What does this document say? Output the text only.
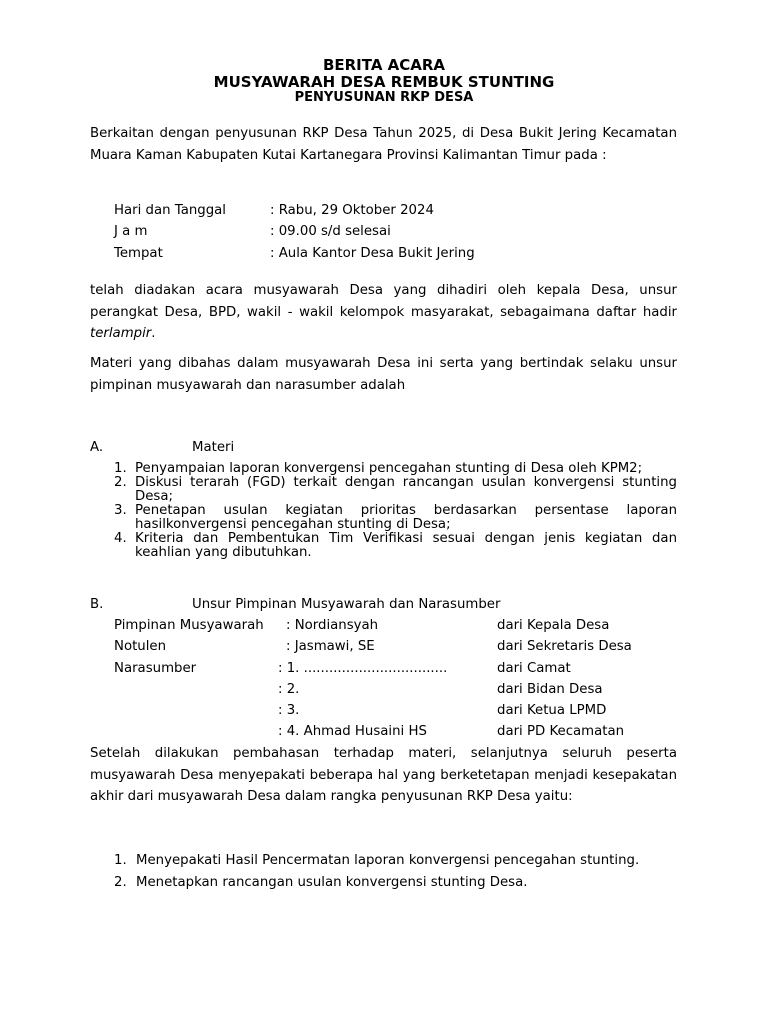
BERITA ACARA
MUSYAWARAH DESA REMBUK STUNTING
PENYUSUNAN RKP DESA
Berkaitan dengan penyusunan RKP Desa Tahun 2025, di Desa Bukit Jering Kecamatan Muara Kaman Kabupaten Kutai Kartanegara Provinsi Kalimantan Timur pada :
Hari dan Tanggal	: Rabu, 29 Oktober 2024
J a m	: 09.00 s/d selesai
Tempat	: Aula Kantor Desa Bukit Jering
telah diadakan acara musyawarah Desa yang dihadiri oleh kepala Desa, unsur perangkat Desa, BPD, wakil - wakil kelompok masyarakat, sebagaimana daftar hadir terlampir.
Materi yang dibahas dalam musyawarah Desa ini serta yang bertindak selaku unsur pimpinan musyawarah dan narasumber adalah
A.	Materi
1. Penyampaian laporan konvergensi pencegahan stunting di Desa oleh KPM2;
2. Diskusi terarah (FGD) terkait dengan rancangan usulan konvergensi stunting Desa;
3. Penetapan usulan kegiatan prioritas berdasarkan persentase laporan hasilkonvergensi pencegahan stunting di Desa;
4. Kriteria dan Pembentukan Tim Verifikasi sesuai dengan jenis kegiatan dan keahlian yang dibutuhkan.
B.	Unsur Pimpinan Musyawarah dan Narasumber
Pimpinan Musyawarah : Nordiansyah	dari Kepala Desa
Notulen	: Jasmawi, SE	dari Sekretaris Desa
Narasumber	: 1. ..................................	dari Camat
: 2.	dari Bidan Desa
: 3.	dari Ketua LPMD
: 4. Ahmad Husaini HS	dari PD Kecamatan
Setelah dilakukan pembahasan terhadap materi, selanjutnya seluruh peserta musyawarah Desa menyepakati beberapa hal yang berketetapan menjadi kesepakatan akhir dari musyawarah Desa dalam rangka penyusunan RKP Desa yaitu:
1. Menyepakati Hasil Pencermatan laporan konvergensi pencegahan stunting.
2. Menetapkan rancangan usulan konvergensi stunting Desa.
